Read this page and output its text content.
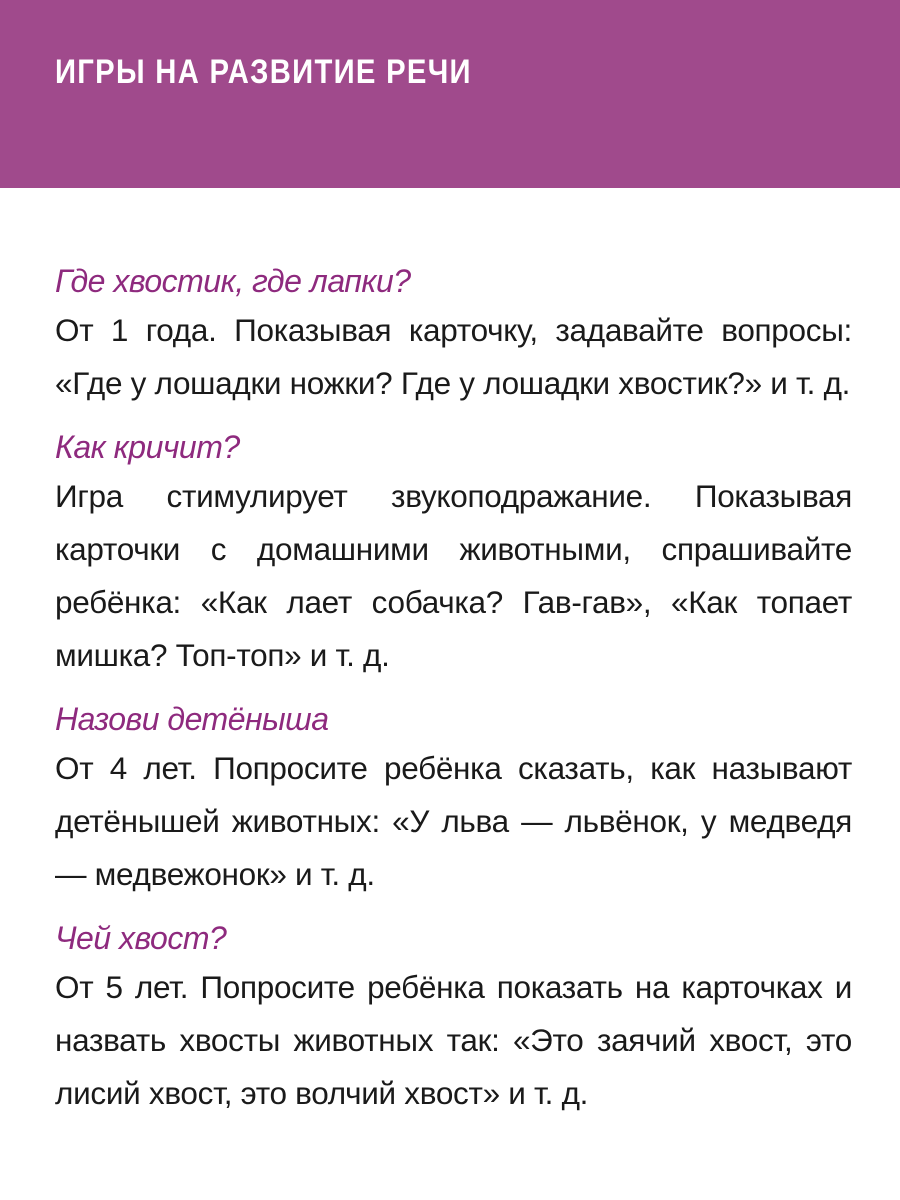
ИГРЫ НА РАЗВИТИЕ РЕЧИ
Где хвостик, где лапки?

От 1 года. Показывая карточку, задавайте вопросы: «Где у лошадки ножки? Где у лошадки хвостик?» и т. д.

Как кричит?

Игра стимулирует звукоподражание. Показывая карточки с домашними животными, спрашивайте ребёнка: «Как лает собачка? Гав-гав», «Как топает мишка? Топ-топ» и т. д.

Назови детёныша

От 4 лет. Попросите ребёнка сказать, как называют детёнышей животных: «У льва — львёнок, у медведя — медвежонок» и т. д.

Чей хвост?

От 5 лет. Попросите ребёнка показать на карточках и назвать хвосты животных так: «Это заячий хвост, это лисий хвост, это волчий хвост» и т. д.
